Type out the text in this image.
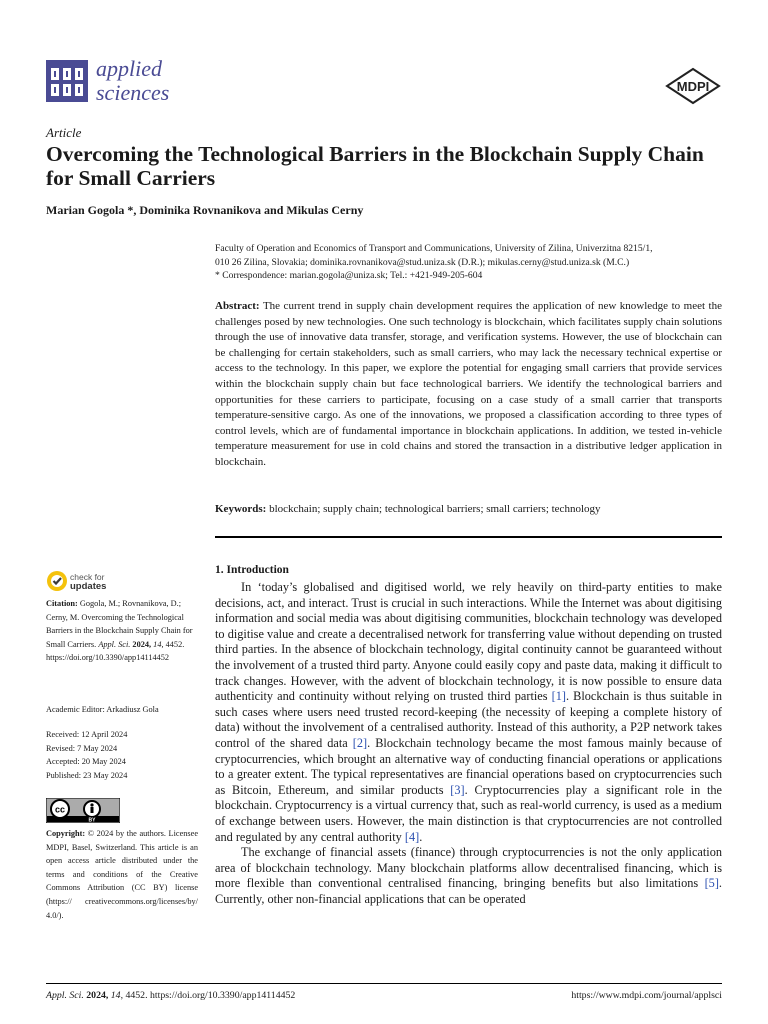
applied
sciences	MDPI
Article
Overcoming the Technological Barriers in the Blockchain Supply Chain for Small Carriers
Marian Gogola *, Dominika Rovnanikova and Mikulas Cerny
Faculty of Operation and Economics of Transport and Communications, University of Zilina, Univerzitna 8215/1,
010 26 Zilina, Slovakia; dominika.rovnanikova@stud.uniza.sk (D.R.); mikulas.cerny@stud.uniza.sk (M.C.)
* Correspondence: marian.gogola@uniza.sk; Tel.: +421-949-205-604
Abstract: The current trend in supply chain development requires the application of new knowledge to meet the challenges posed by new technologies. One such technology is blockchain, which facilitates supply chain solutions through the use of innovative data transfer, storage, and verification systems. However, the use of blockchain can be challenging for certain stakeholders, such as small carriers, who may lack the necessary technical expertise or access to the technology. In this paper, we explore the potential for engaging small carriers that provide services within the blockchain supply chain but face technological barriers. We identify the technological barriers and opportunities for these carriers to participate, focusing on a case study of a small carrier that transports temperature-sensitive cargo. As one of the innovations, we proposed a classification according to three types of control levels, which are of fundamental importance in blockchain applications. In addition, we tested in-vehicle temperature measurement for use in cold chains and stored the transaction in a distributive ledger application in blockchain.
Keywords: blockchain; supply chain; technological barriers; small carriers; technology
check for
updates
Citation: Gogola, M.; Rovnanikova, D.; Cerny, M. Overcoming the Technological Barriers in the Blockchain Supply Chain for Small Carriers. Appl. Sci. 2024, 14, 4452. https://doi.org/10.3390/app14114452
Academic Editor: Arkadiusz Gola
Received: 12 April 2024
Revised: 7 May 2024
Accepted: 20 May 2024
Published: 23 May 2024
cc
BY
Copyright: © 2024 by the authors. Licensee MDPI, Basel, Switzerland. This article is an open access article distributed under the terms and conditions of the Creative Commons Attribution (CC BY) license (https:// creativecommons.org/licenses/by/ 4.0/).
1. Introduction

In ‘today’s globalised and digitised world, we rely heavily on third-party entities to make decisions, act, and interact. Trust is crucial in such interactions. While the Internet was about digitising information and social media was about digitising communities, blockchain technology was developed to digitise value and create a decentralised network for transferring value without depending on trusted third parties. In the absence of blockchain technology, digital continuity cannot be guaranteed without the involvement of a trusted third party. Anyone could easily copy and paste data, making it difficult to track changes. However, with the advent of blockchain technology, it is now possible to ensure data authenticity and continuity without relying on trusted third parties [1]. Blockchain is thus suitable in such cases where users need trusted record-keeping (the necessity of keeping a complete history of data) without the involvement of a centralised authority. Instead of this authority, a P2P network takes control of the shared data [2]. Blockchain technology became the most famous mainly because of cryptocurrencies, which brought an alternative way of conducting financial operations or applications to a greater extent. The typical representatives are financial operations based on cryptocurrencies such as Bitcoin, Ethereum, and similar products [3]. Cryptocurrencies play a significant role in the blockchain. Cryptocurrency is a virtual currency that, such as real-world currency, is used as a medium of exchange between users. However, the main distinction is that cryptocurrencies are not controlled and regulated by any central authority [4].

The exchange of financial assets (finance) through cryptocurrencies is not the only application area of blockchain technology. Many blockchain platforms allow decentralised financing, which is more flexible than conventional centralised financing, bringing benefits but also limitations [5]. Currently, other non-financial applications that can be operated

Appl. Sci. 2024, 14, 4452. https://doi.org/10.3390/app14114452	https://www.mdpi.com/journal/applsci
